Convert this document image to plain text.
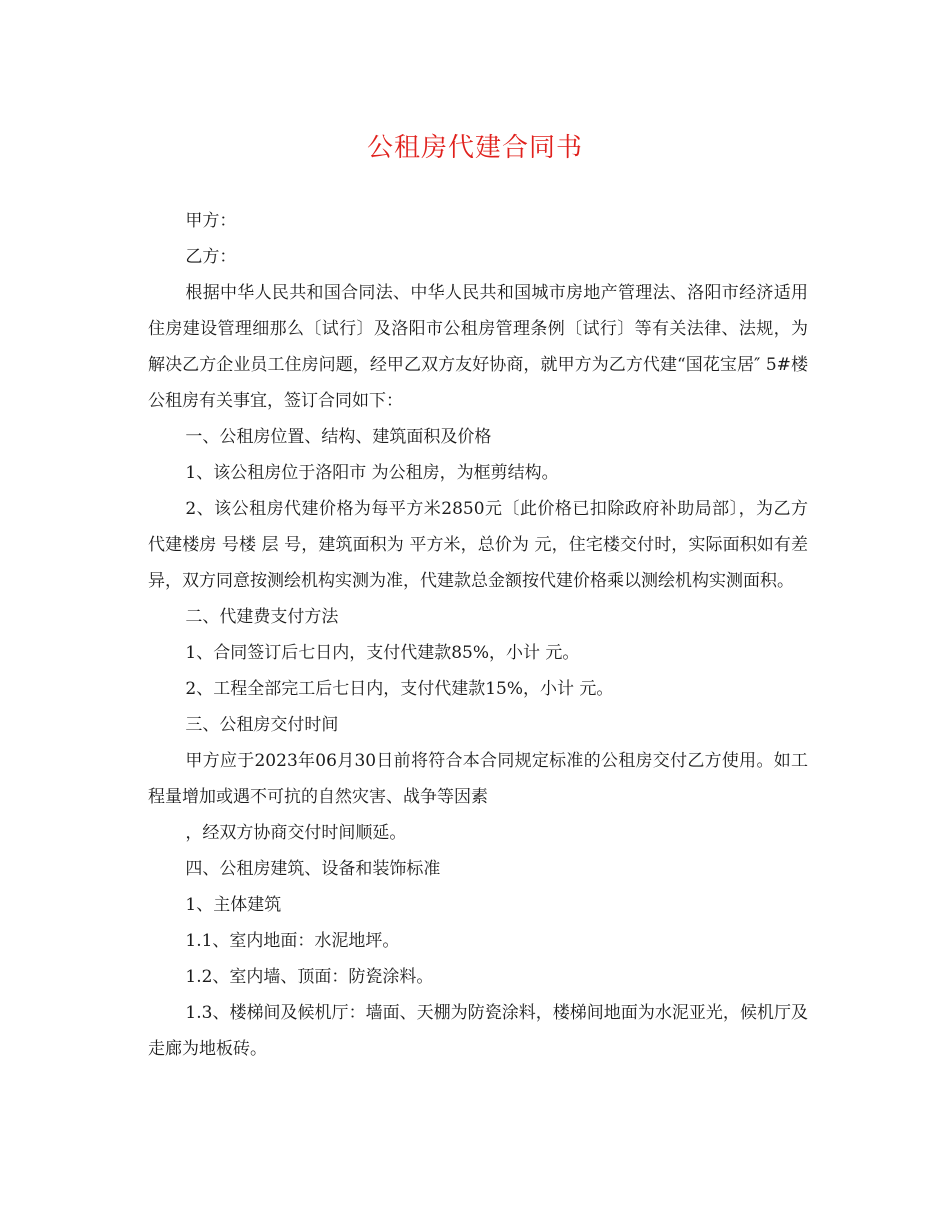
公租房代建合同书

甲方：

乙方：

根据中华人民共和国合同法、中华人民共和国城市房地产管理法、洛阳市经济适用住房建设管理细那么〔试行〕及洛阳市公租房管理条例〔试行〕等有关法律、法规，为解决乙方企业员工住房问题，经甲乙双方友好协商，就甲方为乙方代建“国花宝居″ 5#楼公租房有关事宜，签订合同如下：

一、公租房位置、结构、建筑面积及价格

1、该公租房位于洛阳市 为公租房，为框剪结构。

2、该公租房代建价格为每平方米2850元〔此价格已扣除政府补助局部〕，为乙方代建楼房 号楼 层 号，建筑面积为 平方米，总价为 元，住宅楼交付时，实际面积如有差异，双方同意按测绘机构实测为准，代建款总金额按代建价格乘以测绘机构实测面积。

二、代建费支付方法

1、合同签订后七日内，支付代建款85%，小计 元。

2、工程全部完工后七日内，支付代建款15%，小计 元。

三、公租房交付时间

甲方应于2023年06月30日前将符合本合同规定标准的公租房交付乙方使用。如工程量增加或遇不可抗的自然灾害、战争等因素

，经双方协商交付时间顺延。

四、公租房建筑、设备和装饰标准

1、主体建筑

1.1、室内地面：水泥地坪。

1.2、室内墙、顶面：防瓷涂料。

1.3、楼梯间及候机厅：墙面、天棚为防瓷涂料，楼梯间地面为水泥亚光，候机厅及走廊为地板砖。
